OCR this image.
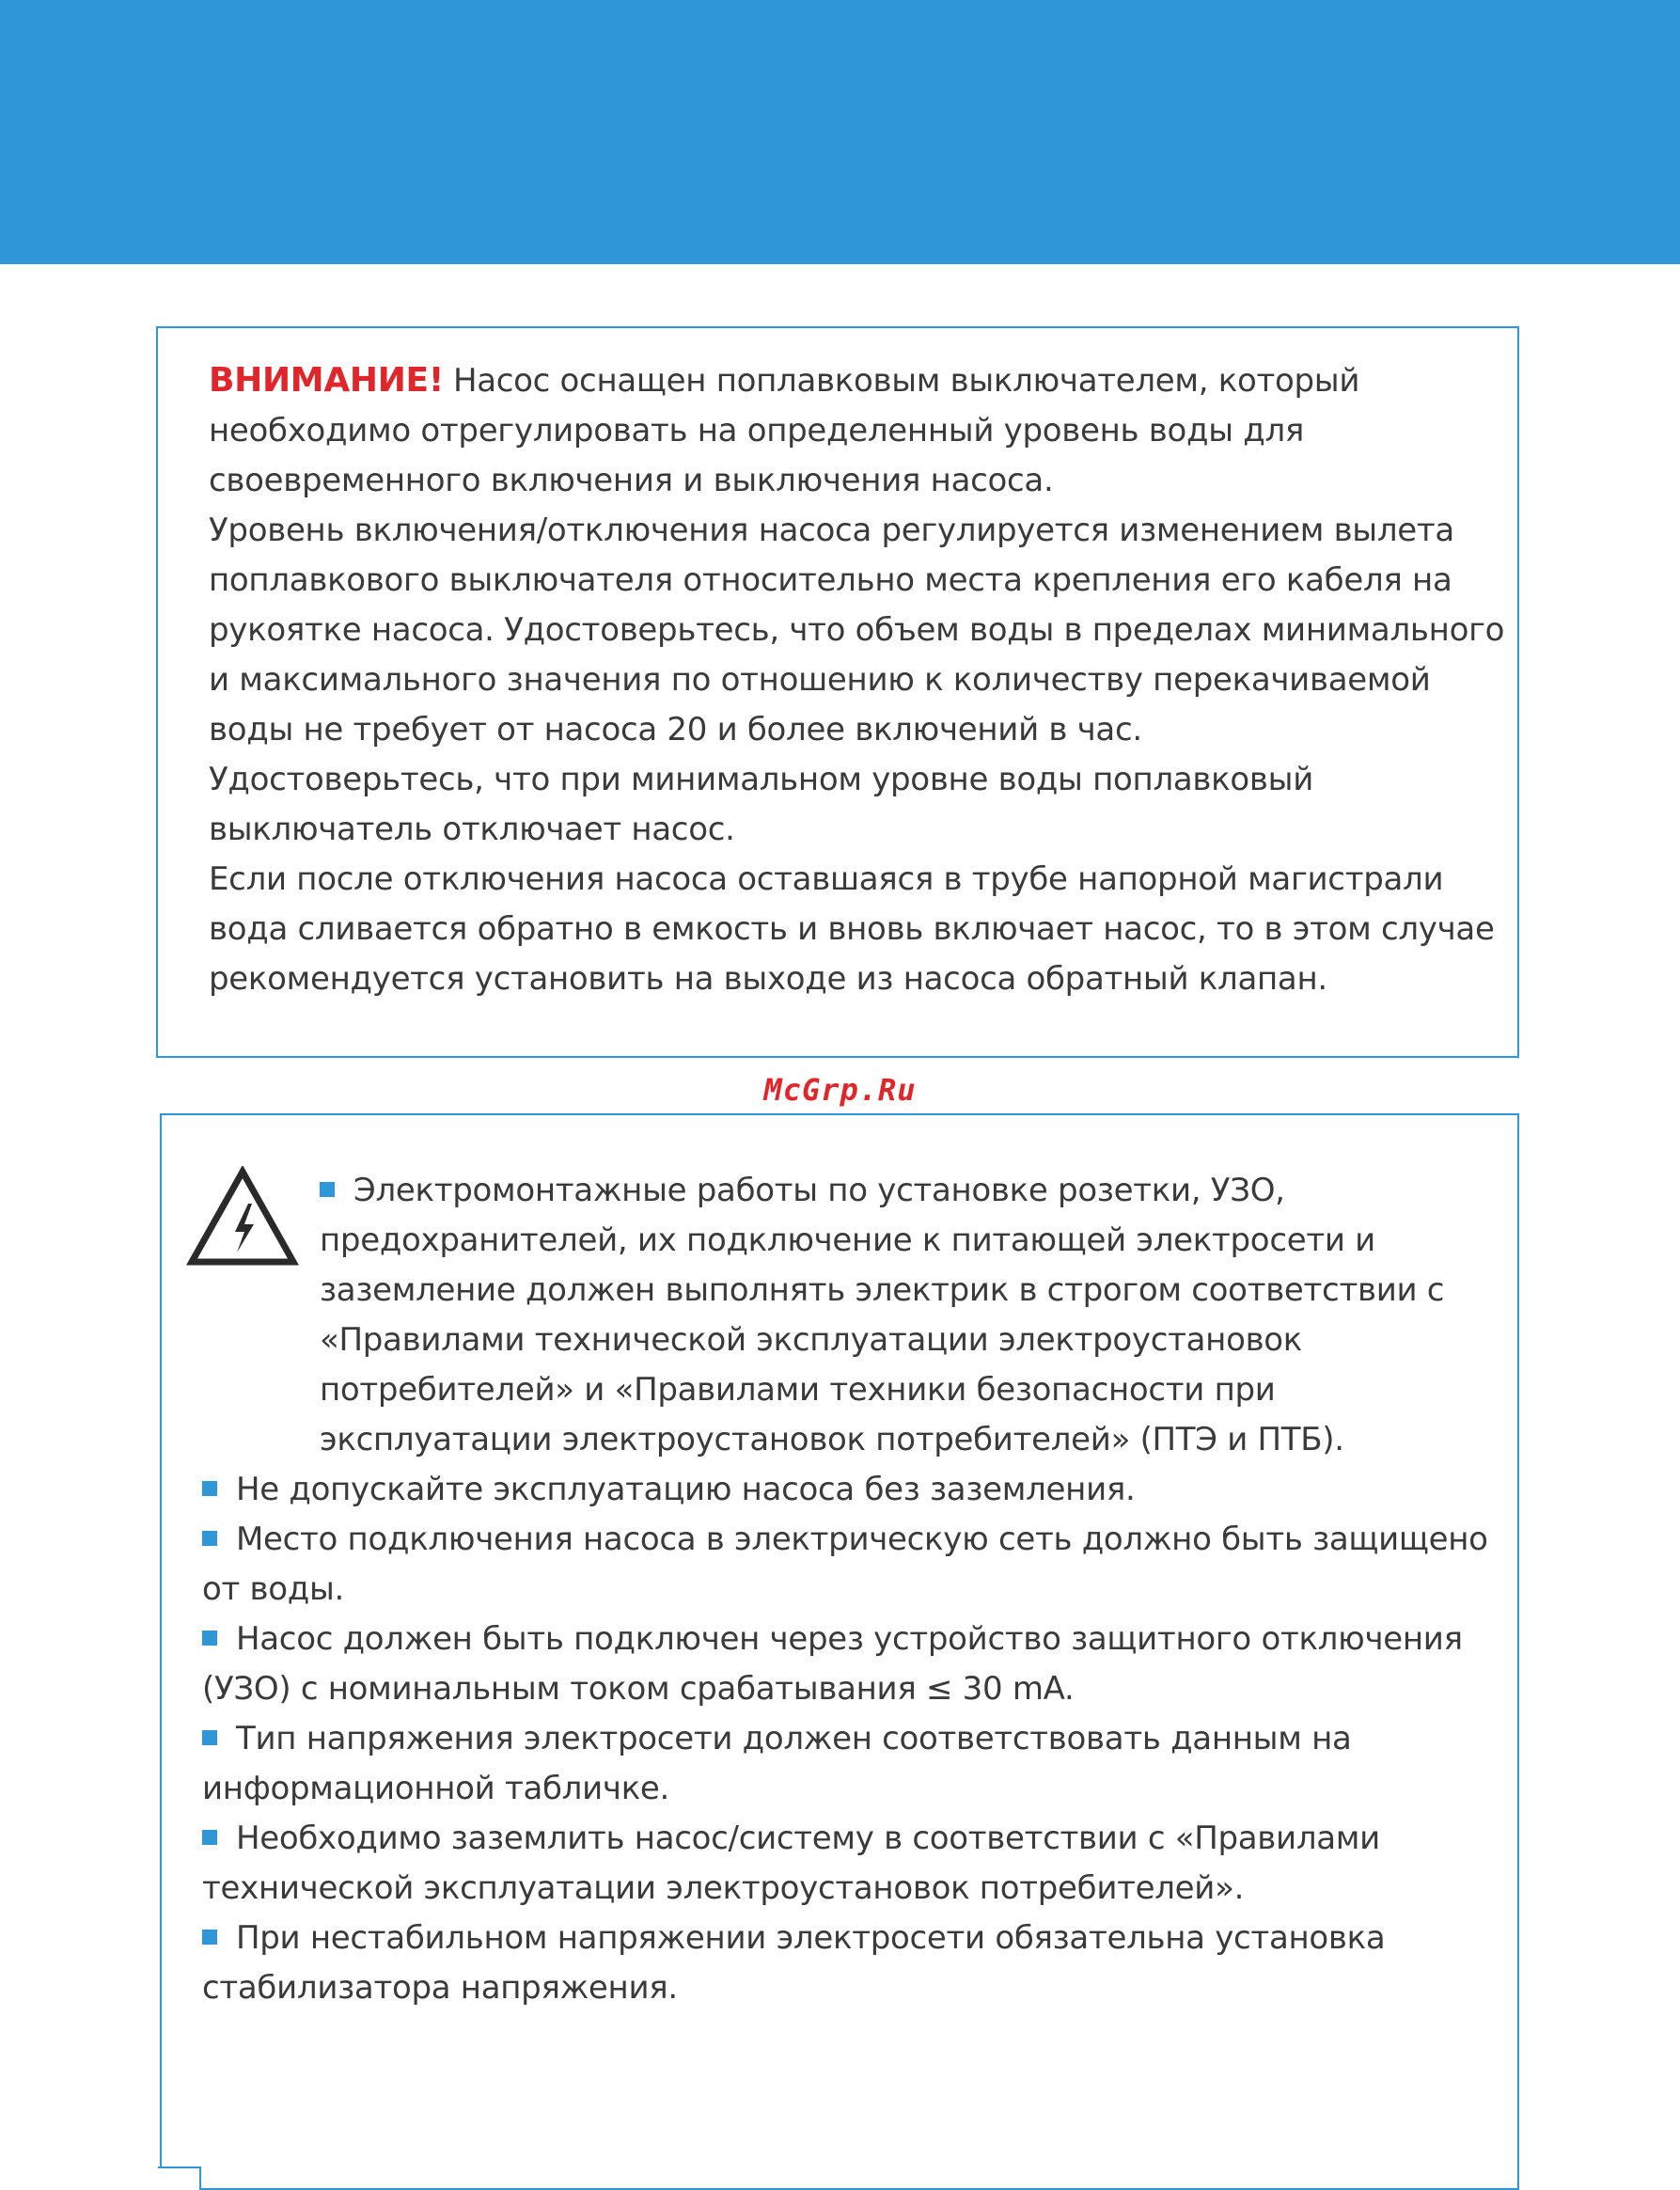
ВНИМАНИЕ! Насос оснащен поплавковым выключателем, который необходимо отрегулировать на определенный уровень воды для своевременного включения и выключения насоса.
Уровень включения/отключения насоса регулируется изменением вылета поплавкового выключателя относительно места крепления его кабеля на рукоятке насоса. Удостоверьтесь, что объем воды в пределах минимального и максимального значения по отношению к количеству перекачиваемой воды не требует от насоса 20 и более включений в час.
Удостоверьтесь, что при минимальном уровне воды поплавковый выключатель отключает насос.
Если после отключения насоса оставшаяся в трубе напорной магистрали вода сливается обратно в емкость и вновь включает насос, то в этом случае рекомендуется установить на выходе из насоса обратный клапан.
McGrp.Ru
Электромонтажные работы по установке розетки, УЗО, предохранителей, их подключение к питающей электросети и заземление должен выполнять электрик в строгом соответствии с «Правилами технической эксплуатации электроустановок потребителей» и «Правилами техники безопасности при эксплуатации электроустановок потребителей» (ПТЭ и ПТБ).
Не допускайте эксплуатацию насоса без заземления.
Место подключения насоса в электрическую сеть должно быть защищено от воды.
Насос должен быть подключен через устройство защитного отключения (УЗО) с номинальным током срабатывания ≤ 30 mA.
Тип напряжения электросети должен соответствовать данным на информационной табличке.
Необходимо заземлить насос/систему в соответствии с «Правилами технической эксплуатации электроустановок потребителей».
При нестабильном напряжении электросети обязательна установка стабилизатора напряжения.
